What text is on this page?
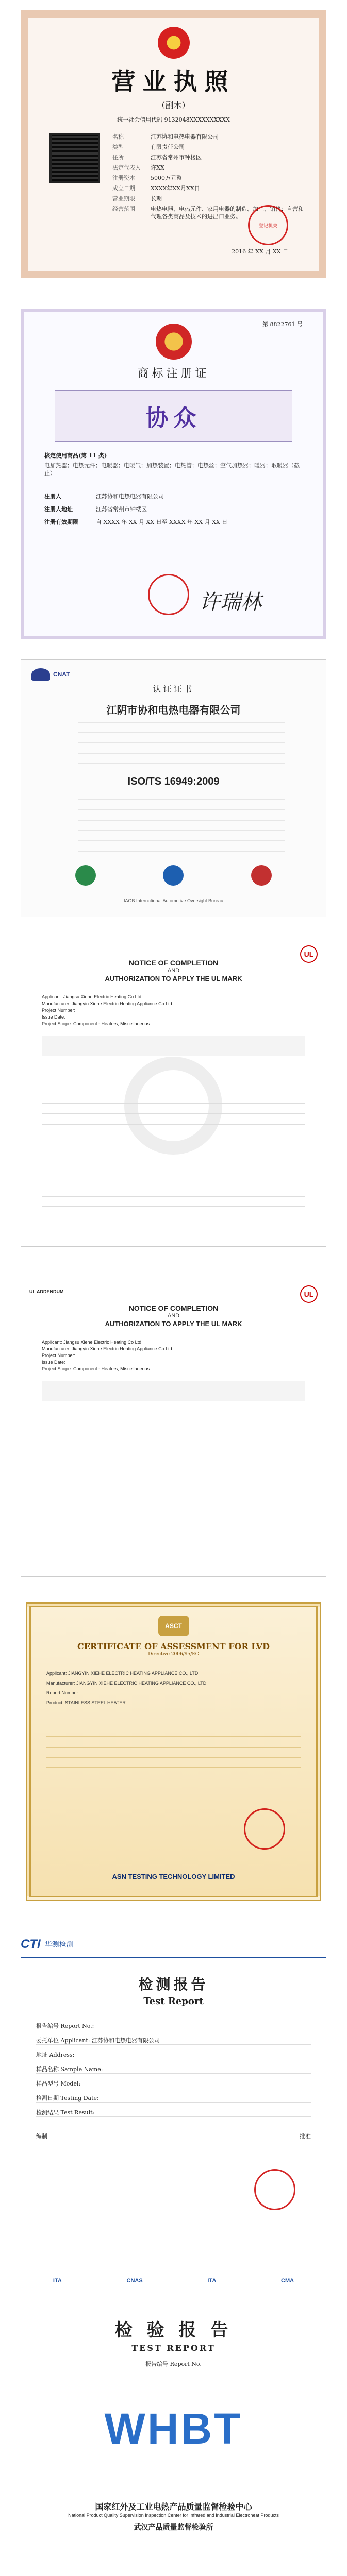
营业执照
（副本）
统一社会信用代码 9132048XXXXXXXXXX
名称	江苏协和电热电器有限公司
类型	有限责任公司
住所	江苏省常州市钟楼区
法定代表人	许XX
注册资本	5000万元整
成立日期	XXXX年XX月XX日
营业期限	长期
经营范围	电热电器、电热元件、家用电器的制造、加工、销售；自营和代理各类商品及技术的进出口业务。
登记机关
2016 年 XX 月 XX 日
第
8822761
号
商标注册证
协众
核定使用商品(第 11 类)
电加热器；电热元件；电暖器；电暖气；加热装置；电热管；电热丝；空气加热器；暖器；取暖器（截止）
注册人	江苏协和电热电器有限公司
注册人地址	江苏省常州市钟楼区
注册有效期限	自 XXXX 年 XX 月 XX 日至 XXXX 年 XX 月 XX 日
许瑞林
CNAT
认证证书
江阴市协和电热电器有限公司
ISO/TS 16949:2009
IAOB International Automotive Oversight Bureau
UL
NOTICE OF COMPLETION
AND
AUTHORIZATION TO APPLY THE UL MARK
Applicant: Jiangsu Xiehe Electric Heating Co Ltd
Manufacturer: Jiangyin Xiehe Electric Heating Appliance Co Ltd
Project Number:
Issue Date:
Project Scope: Component - Heaters, Miscellaneous
UL
UL ADDENDUM
NOTICE OF COMPLETION
AND
AUTHORIZATION TO APPLY THE UL MARK
Applicant: Jiangsu Xiehe Electric Heating Co Ltd
Manufacturer: Jiangyin Xiehe Electric Heating Appliance Co Ltd
Project Number:
Issue Date:
Project Scope: Component - Heaters, Miscellaneous
ASCT
CERTIFICATE OF ASSESSMENT FOR LVD
Directive 2006/95/EC
Applicant: JIANGYIN XIEHE ELECTRIC HEATING APPLIANCE CO., LTD.
Manufacturer: JIANGYIN XIEHE ELECTRIC HEATING APPLIANCE CO., LTD.
Report Number:
Product: STAINLESS STEEL HEATER
ASN TESTING TECHNOLOGY LIMITED
CTI 华测检测
检测报告
Test Report
报告编号 Report No.:
委托单位 Applicant: 江苏协和电热电器有限公司
地址 Address:
样品名称 Sample Name:
样品型号 Model:
检测日期 Testing Date:
检测结果 Test Result:
编制	批准
ITA	CNAS	ITA	CMA
检 验 报 告
TEST REPORT
报告编号 Report No.
WHBT
国家红外及工业电热产品质量监督检验中心
National Product Quality Supervision Inspection Center for Infrared and Industrial Electroheat Products
武汉产品质量监督检验所
